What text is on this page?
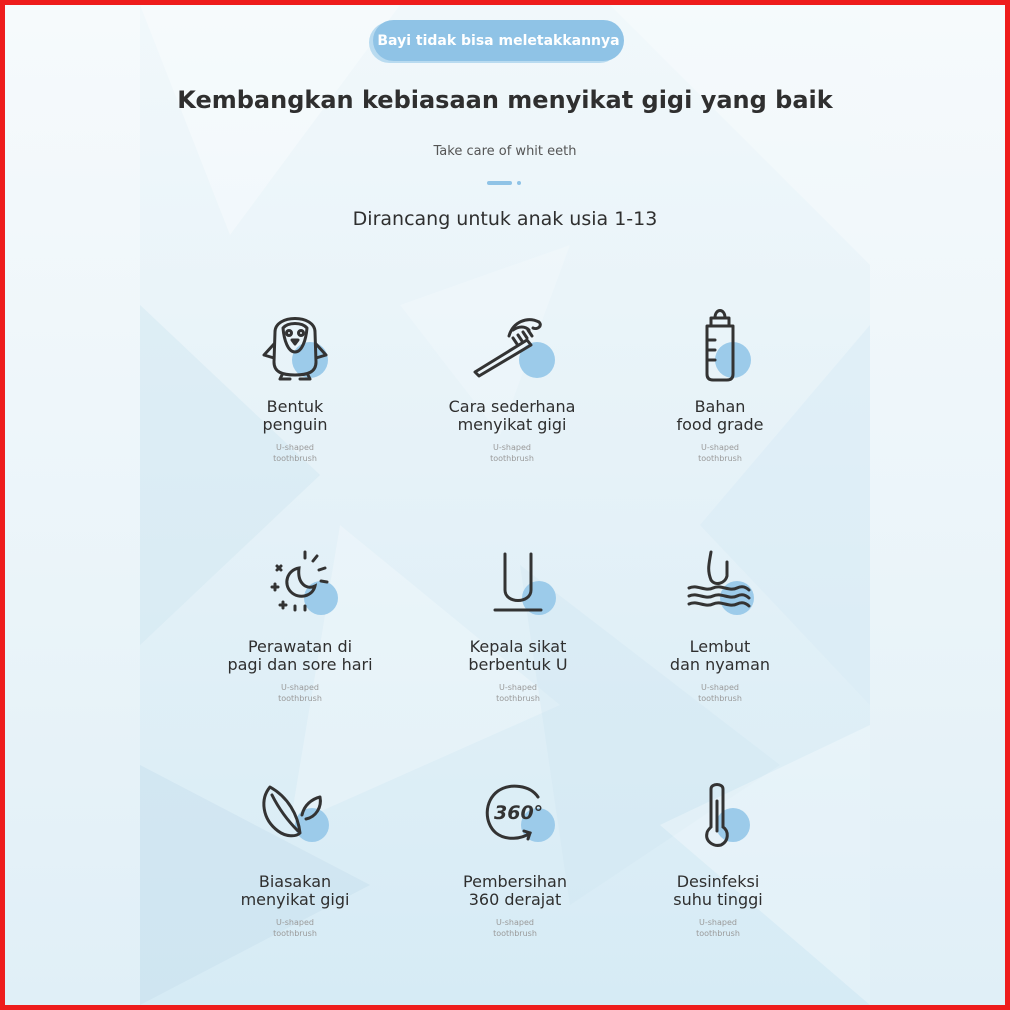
Bayi tidak bisa meletakkannya
Kembangkan kebiasaan menyikat gigi yang baik
Take care of whit eeth
Dirancang untuk anak usia 1-13
Bentuk
penguin
U-shaped
toothbrush
Cara sederhana
menyikat gigi
U-shaped
toothbrush
Bahan
food grade
U-shaped
toothbrush
Perawatan di
pagi dan sore hari
U-shaped
toothbrush
Kepala sikat
berbentuk U
U-shaped
toothbrush
Lembut
dan nyaman
U-shaped
toothbrush
Biasakan
menyikat gigi
U-shaped
toothbrush
360°
Pembersihan
360 derajat
U-shaped
toothbrush
Desinfeksi
suhu tinggi
U-shaped
toothbrush
